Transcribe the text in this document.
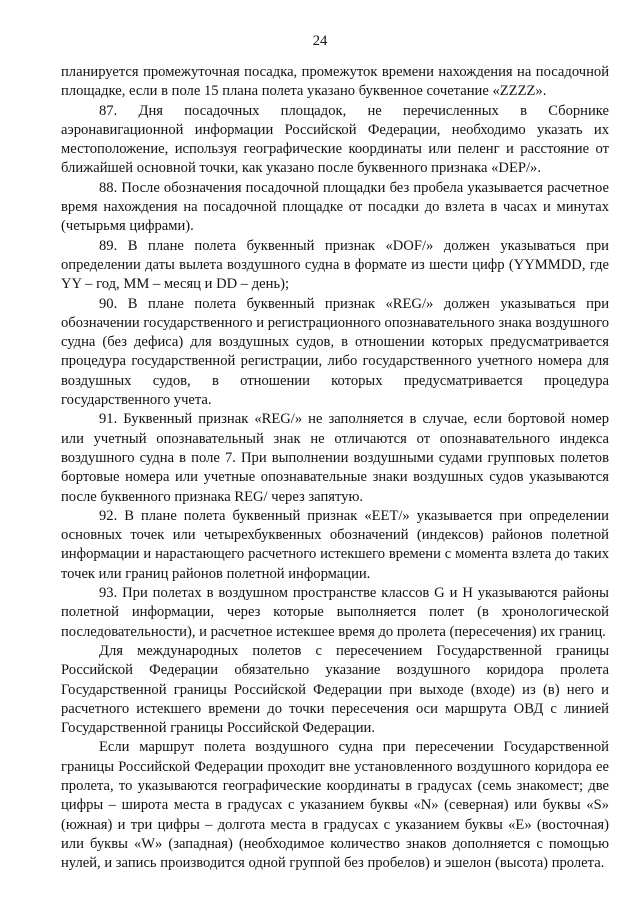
24

планируется промежуточная посадка, промежуток времени нахождения на посадочной площадке, если в поле 15 плана полета указано буквенное сочетание «ZZZZ».

87. Дня посадочных площадок, не перечисленных в Сборнике аэронавигационной информации Российской Федерации, необходимо указать их местоположение, используя географические координаты или пеленг и расстояние от ближайшей основной точки, как указано после буквенного признака «DEP/».

88. После обозначения посадочной площадки без пробела указывается расчетное время нахождения на посадочной площадке от посадки до взлета в часах и минутах (четырьмя цифрами).

89. В плане полета буквенный признак «DOF/» должен указываться при определении даты вылета воздушного судна в формате из шести цифр (YYMMDD, где YY – год, MM – месяц и DD – день);

90. В плане полета буквенный признак «REG/» должен указываться при обозначении государственного и регистрационного опознавательного знака воздушного судна (без дефиса) для воздушных судов, в отношении которых предусматривается процедура государственной регистрации, либо государственного учетного номера для воздушных судов, в отношении которых предусматривается процедура государственного учета.

91. Буквенный признак «REG/» не заполняется в случае, если бортовой номер или учетный опознавательный знак не отличаются от опознавательного индекса воздушного судна в поле 7. При выполнении воздушными судами групповых полетов бортовые номера или учетные опознавательные знаки воздушных судов указываются после буквенного признака REG/ через запятую.

92. В плане полета буквенный признак «EET/» указывается при определении основных точек или четырехбуквенных обозначений (индексов) районов полетной информации и нарастающего расчетного истекшего времени с момента взлета до таких точек или границ районов полетной информации.

93. При полетах в воздушном пространстве классов G и H указываются районы полетной информации, через которые выполняется полет (в хронологической последовательности), и расчетное истекшее время до пролета (пересечения) их границ.

Для международных полетов с пересечением Государственной границы Российской Федерации обязательно указание воздушного коридора пролета Государственной границы Российской Федерации при выходе (входе) из (в) него и расчетного истекшего времени до точки пересечения оси маршрута ОВД с линией Государственной границы Российской Федерации.

Если маршрут полета воздушного судна при пересечении Государственной границы Российской Федерации проходит вне установленного воздушного коридора ее пролета, то указываются географические координаты в градусах (семь знакомест; две цифры – широта места в градусах с указанием буквы «N» (северная) или буквы «S» (южная) и три цифры – долгота места в градусах с указанием буквы «E» (восточная) или буквы «W» (западная) (необходимое количество знаков дополняется с помощью нулей, и запись производится одной группой без пробелов) и эшелон (высота) пролета.
